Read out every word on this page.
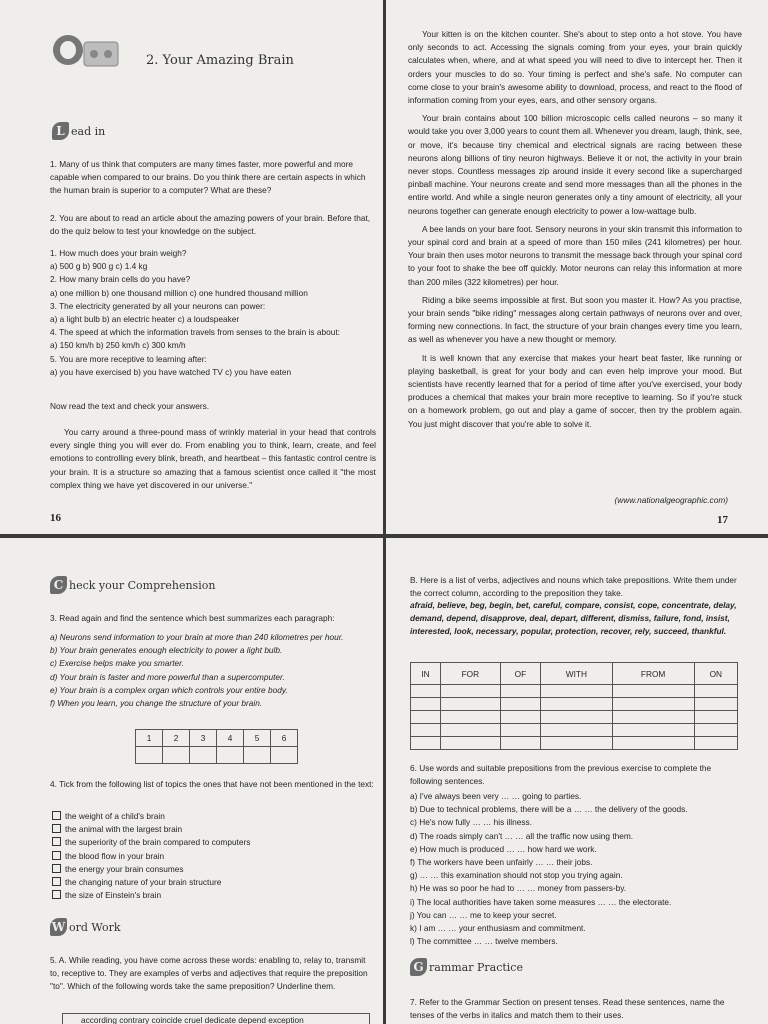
2. Your Amazing Brain
L ead in
1. Many of us think that computers are many times faster, more powerful and more capable when compared to our brains. Do you think there are certain aspects in which the human brain is superior to a computer? What are these?
2. You are about to read an article about the amazing powers of your brain. Before that, do the quiz below to test your knowledge on the subject.
1. How much does your brain weigh?
a) 500 g b) 900 g c) 1.4 kg
2. How many brain cells do you have?
a) one million b) one thousand million c) one hundred thousand million
3. The electricity generated by all your neurons can power:
a) a light bulb b) an electric heater c) a loudspeaker
4. The speed at which the information travels from senses to the brain is about:
a) 150 km/h b) 250 km/h c) 300 km/h
5. You are more receptive to learning after:
a) you have exercised b) you have watched TV c) you have eaten
Now read the text and check your answers.
You carry around a three-pound mass of wrinkly material in your head that controls every single thing you will ever do. From enabling you to think, learn, create, and feel emotions to controlling every blink, breath, and heartbeat – this fantastic control centre is your brain. It is a structure so amazing that a famous scientist once called it "the most complex thing we have yet discovered in our universe."
16

Your kitten is on the kitchen counter. She's about to step onto a hot stove. You have only seconds to act. Accessing the signals coming from your eyes, your brain quickly calculates when, where, and at what speed you will need to dive to intercept her. Then it orders your muscles to do so. Your timing is perfect and she's safe. No computer can come close to your brain's awesome ability to download, process, and react to the flood of information coming from your eyes, ears, and other sensory organs.

Your brain contains about 100 billion microscopic cells called neurons – so many it would take you over 3,000 years to count them all. Whenever you dream, laugh, think, see, or move, it's because tiny chemical and electrical signals are racing between these neurons along billions of tiny neuron highways. Believe it or not, the activity in your brain never stops. Countless messages zip around inside it every second like a supercharged pinball machine. Your neurons create and send more messages than all the phones in the entire world. And while a single neuron generates only a tiny amount of electricity, all your neurons together can generate enough electricity to power a low-wattage bulb.

A bee lands on your bare foot. Sensory neurons in your skin transmit this information to your spinal cord and brain at a speed of more than 150 miles (241 kilometres) per hour. Your brain then uses motor neurons to transmit the message back through your spinal cord to your foot to shake the bee off quickly. Motor neurons can relay this information at more than 200 miles (322 kilometres) per hour.

Riding a bike seems impossible at first. But soon you master it. How? As you practise, your brain sends "bike riding" messages along certain pathways of neurons over and over, forming new connections. In fact, the structure of your brain changes every time you learn, as well as whenever you have a new thought or memory.

It is well known that any exercise that makes your heart beat faster, like running or playing basketball, is great for your body and can even help improve your mood. But scientists have recently learned that for a period of time after you've exercised, your body produces a chemical that makes your brain more receptive to learning. So if you're stuck on a homework problem, go out and play a game of soccer, then try the problem again. You just might discover that you're able to solve it.

(www.nationalgeographic.com)
17
C heck your Comprehension
3. Read again and find the sentence which best summarizes each paragraph:
a) Neurons send information to your brain at more than 240 kilometres per hour.
b) Your brain generates enough electricity to power a light bulb.
c) Exercise helps make you smarter.
d) Your brain is faster and more powerful than a supercomputer.
e) Your brain is a complex organ which controls your entire body.
f) When you learn, you change the structure of your brain.
1	2	3	4	5	6

4. Tick from the following list of topics the ones that have not been mentioned in the text:
the weight of a child's brain
the animal with the largest brain
the superiority of the brain compared to computers
the blood flow in your brain
the energy your brain consumes
the changing nature of your brain structure
the size of Einstein's brain
W ord Work
5. A. While reading, you have come across these words: enabling to, relay to, transmit to, receptive to. They are examples of verbs and adjectives that require the preposition "to". Which of the following words take the same preposition? Underline them.
according contrary coincide cruel dedicate depend exception
B. Here is a list of verbs, adjectives and nouns which take prepositions. Write them under the correct column, according to the preposition they take.
afraid, believe, beg, begin, bet, careful, compare, consist, cope, concentrate, delay, demand, depend, disapprove, deal, depart, different, dismiss, failure, fond, insist, interested, look, necessary, popular, protection, recover, rely, succeed, thankful.
IN	FOR	OF	WITH	FROM	ON

6. Use words and suitable prepositions from the previous exercise to complete the following sentences.
a) I've always been very … … going to parties.
b) Due to technical problems, there will be a … … the delivery of the goods.
c) He's now fully … … his illness.
d) The roads simply can't … … all the traffic now using them.
e) How much is produced … … how hard we work.
f) The workers have been unfairly … … their jobs.
g) … … this examination should not stop you trying again.
h) He was so poor he had to … … money from passers-by.
i) The local authorities have taken some measures … … the electorate.
j) You can … … me to keep your secret.
k) I am … … your enthusiasm and commitment.
l) The committee … … twelve members.
G rammar Practice
7. Refer to the Grammar Section on present tenses. Read these sentences, name the tenses of the verbs in italics and match them to their uses.
